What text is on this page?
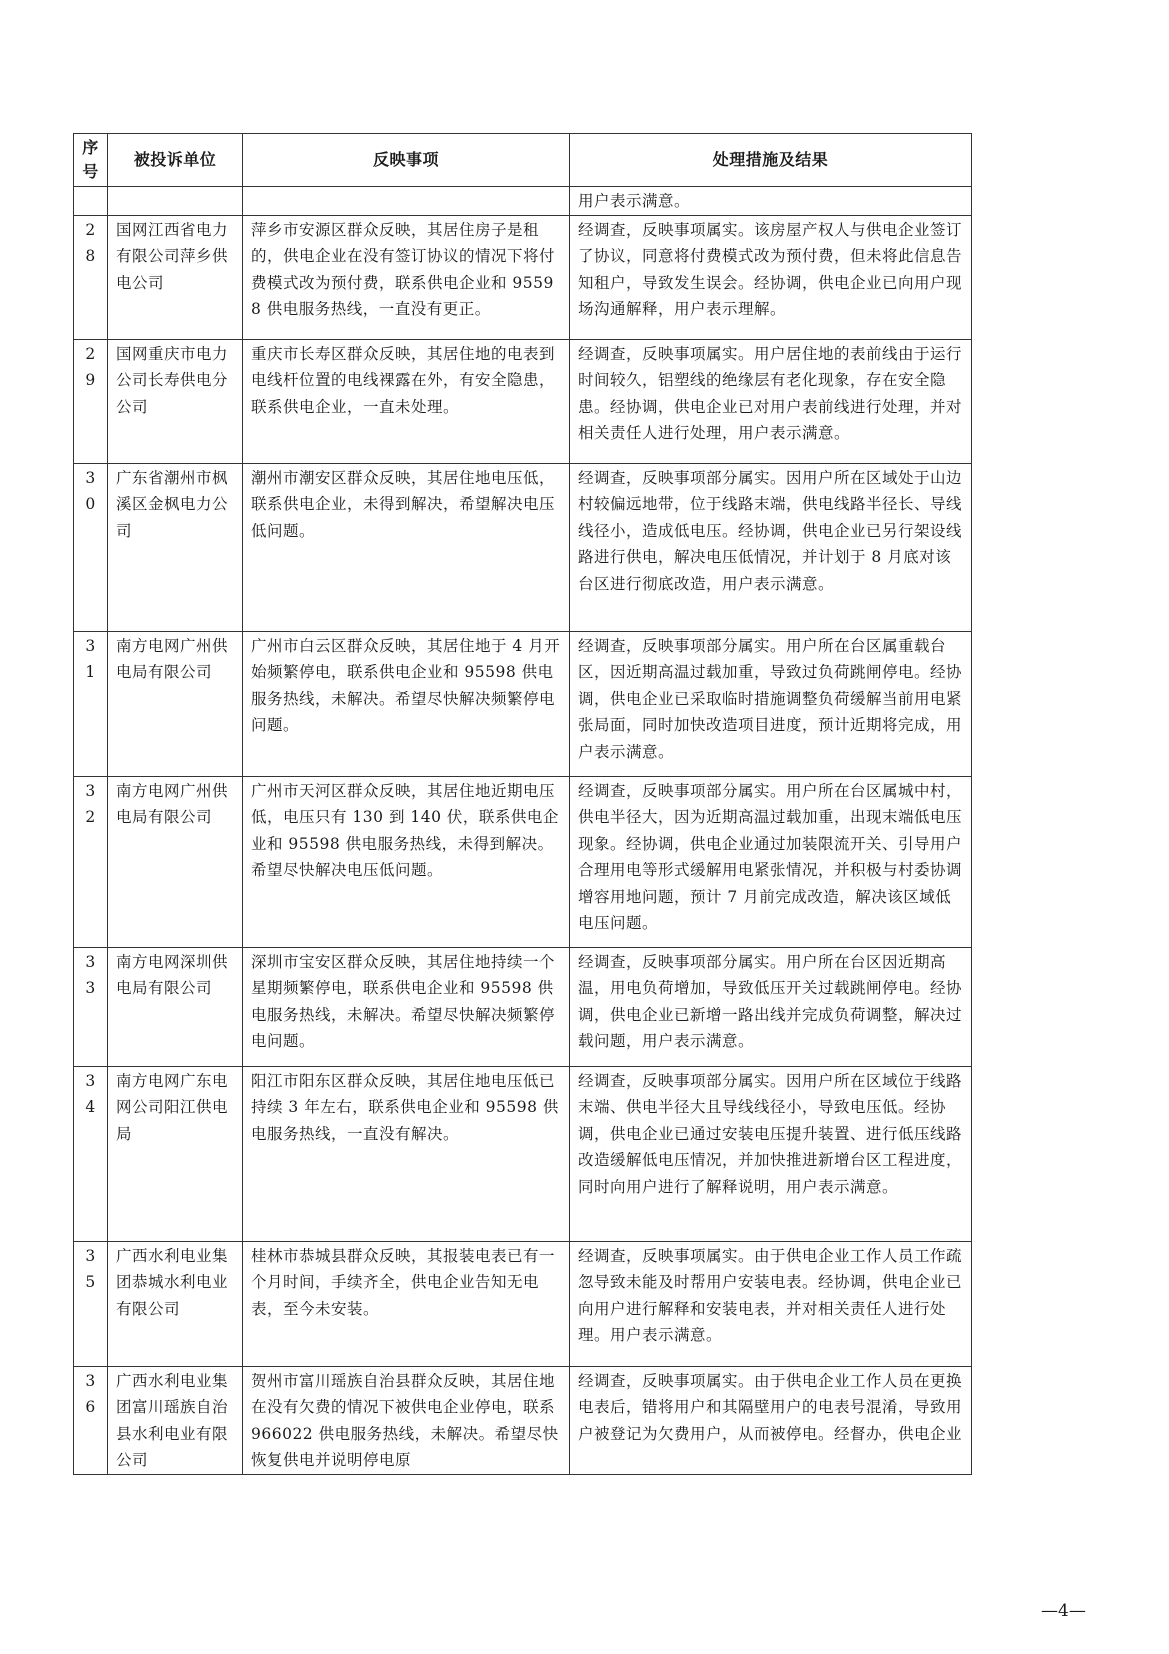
序号	被投诉单位	反映事项	处理措施及结果
			用户表示满意。
28	国网江西省电力有限公司萍乡供电公司	萍乡市安源区群众反映，其居住房子是租的，供电企业在没有签订协议的情况下将付费模式改为预付费，联系供电企业和 95598 供电服务热线，一直没有更正。	经调查，反映事项属实。该房屋产权人与供电企业签订了协议，同意将付费模式改为预付费，但未将此信息告知租户，导致发生误会。经协调，供电企业已向用户现场沟通解释，用户表示理解。
29	国网重庆市电力公司长寿供电分公司	重庆市长寿区群众反映，其居住地的电表到电线杆位置的电线裸露在外，有安全隐患，联系供电企业，一直未处理。	经调查，反映事项属实。用户居住地的表前线由于运行时间较久，铝塑线的绝缘层有老化现象，存在安全隐患。经协调，供电企业已对用户表前线进行处理，并对相关责任人进行处理，用户表示满意。
30	广东省潮州市枫溪区金枫电力公司	潮州市潮安区群众反映，其居住地电压低，联系供电企业，未得到解决，希望解决电压低问题。	经调查，反映事项部分属实。因用户所在区域处于山边村较偏远地带，位于线路末端，供电线路半径长、导线线径小，造成低电压。经协调，供电企业已另行架设线路进行供电，解决电压低情况，并计划于 8 月底对该台区进行彻底改造，用户表示满意。
31	南方电网广州供电局有限公司	广州市白云区群众反映，其居住地于 4 月开始频繁停电，联系供电企业和 95598 供电服务热线，未解决。希望尽快解决频繁停电问题。	经调查，反映事项部分属实。用户所在台区属重载台区，因近期高温过载加重，导致过负荷跳闸停电。经协调，供电企业已采取临时措施调整负荷缓解当前用电紧张局面，同时加快改造项目进度，预计近期将完成，用户表示满意。
32	南方电网广州供电局有限公司	广州市天河区群众反映，其居住地近期电压低，电压只有 130 到 140 伏，联系供电企业和 95598 供电服务热线，未得到解决。希望尽快解决电压低问题。	经调查，反映事项部分属实。用户所在台区属城中村，供电半径大，因为近期高温过载加重，出现末端低电压现象。经协调，供电企业通过加装限流开关、引导用户合理用电等形式缓解用电紧张情况，并积极与村委协调增容用地问题，预计 7 月前完成改造，解决该区域低电压问题。
33	南方电网深圳供电局有限公司	深圳市宝安区群众反映，其居住地持续一个星期频繁停电，联系供电企业和 95598 供电服务热线，未解决。希望尽快解决频繁停电问题。	经调查，反映事项部分属实。用户所在台区因近期高温，用电负荷增加，导致低压开关过载跳闸停电。经协调，供电企业已新增一路出线并完成负荷调整，解决过载问题，用户表示满意。
34	南方电网广东电网公司阳江供电局	阳江市阳东区群众反映，其居住地电压低已持续 3 年左右，联系供电企业和 95598 供电服务热线，一直没有解决。	经调查，反映事项部分属实。因用户所在区域位于线路末端、供电半径大且导线线径小，导致电压低。经协调，供电企业已通过安装电压提升装置、进行低压线路改造缓解低电压情况，并加快推进新增台区工程进度，同时向用户进行了解释说明，用户表示满意。
35	广西水利电业集团恭城水利电业有限公司	桂林市恭城县群众反映，其报装电表已有一个月时间，手续齐全，供电企业告知无电表，至今未安装。	经调查，反映事项属实。由于供电企业工作人员工作疏忽导致未能及时帮用户安装电表。经协调，供电企业已向用户进行解释和安装电表，并对相关责任人进行处理。用户表示满意。
36	广西水利电业集团富川瑶族自治县水利电业有限公司	贺州市富川瑶族自治县群众反映，其居住地在没有欠费的情况下被供电企业停电，联系 966022 供电服务热线，未解决。希望尽快恢复供电并说明停电原	经调查，反映事项属实。由于供电企业工作人员在更换电表后，错将用户和其隔壁用户的电表号混淆，导致用户被登记为欠费用户，从而被停电。经督办，供电企业
—4—
